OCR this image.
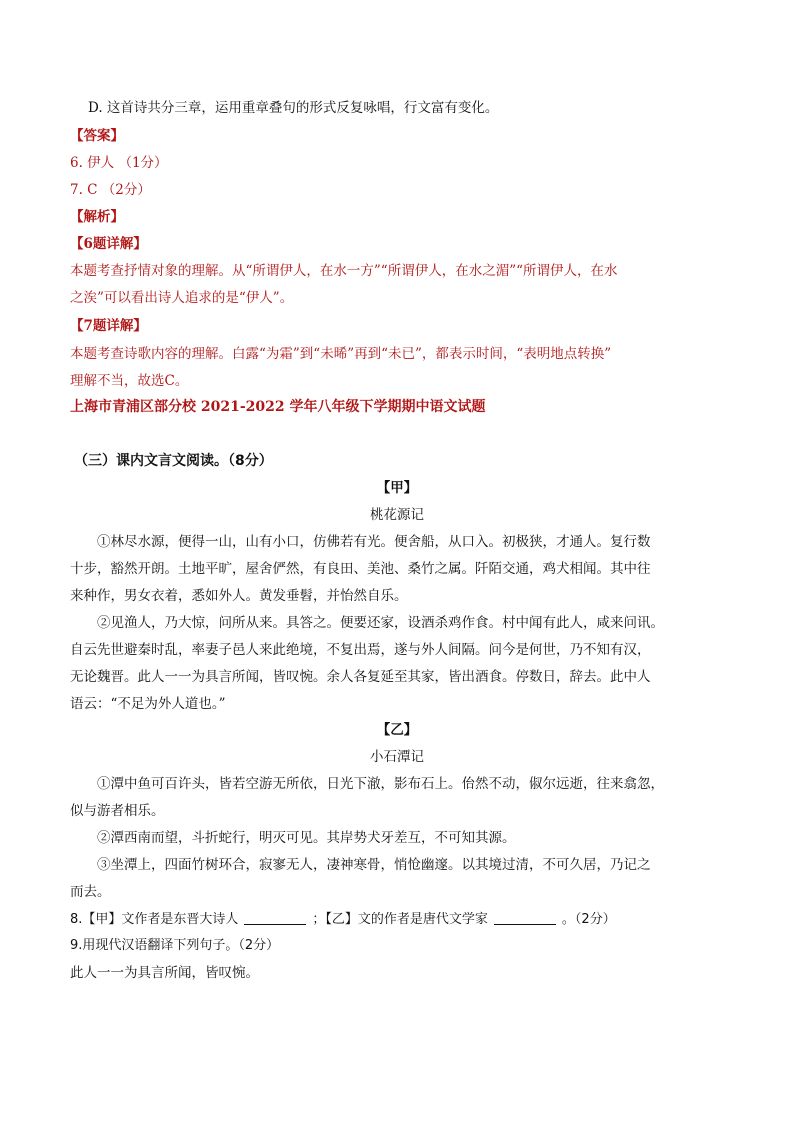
D. 这首诗共分三章，运用重章叠句的形式反复咏唱，行文富有变化。
【答案】
6. 伊人 （1分）
7. C （2分）
【解析】
【6题详解】
本题考查抒情对象的理解。从“所谓伊人，在水一方”“所谓伊人，在水之湄”“所谓伊人，在水
之涘”可以看出诗人追求的是“伊人”。
【7题详解】
本题考查诗歌内容的理解。白露“为霜”到“未晞”再到“未已”，都表示时间，“表明地点转换”
理解不当，故选C。
上海市青浦区部分校 2021-2022 学年八年级下学期期中语文试题
（三）课内文言文阅读。（8分）
【甲】
桃花源记
①林尽水源，便得一山，山有小口，仿佛若有光。便舍船，从口入。初极狭，才通人。复行数
十步，豁然开朗。土地平旷，屋舍俨然，有良田、美池、桑竹之属。阡陌交通，鸡犬相闻。其中往
来种作，男女衣着，悉如外人。黄发垂髫，并怡然自乐。
②见渔人，乃大惊，问所从来。具答之。便要还家，设酒杀鸡作食。村中闻有此人，咸来问讯。
自云先世避秦时乱，率妻子邑人来此绝境，不复出焉，遂与外人间隔。问今是何世，乃不知有汉，
无论魏晋。此人一一为具言所闻，皆叹惋。余人各复延至其家，皆出酒食。停数日，辞去。此中人
语云：“不足为外人道也。”
【乙】
小石潭记
①潭中鱼可百许头，皆若空游无所依，日光下澈，影布石上。佁然不动，俶尔远逝，往来翕忽，
似与游者相乐。
②潭西南而望，斗折蛇行，明灭可见。其岸势犬牙差互，不可知其源。
③坐潭上，四面竹树环合，寂寥无人，凄神寒骨，悄怆幽邃。以其境过清，不可久居，乃记之
而去。
8.【甲】文作者是东晋大诗人	；【乙】文的作者是唐代文学家	。（2分）
9.用现代汉语翻译下列句子。（2分）
此人一一为具言所闻，皆叹惋。
